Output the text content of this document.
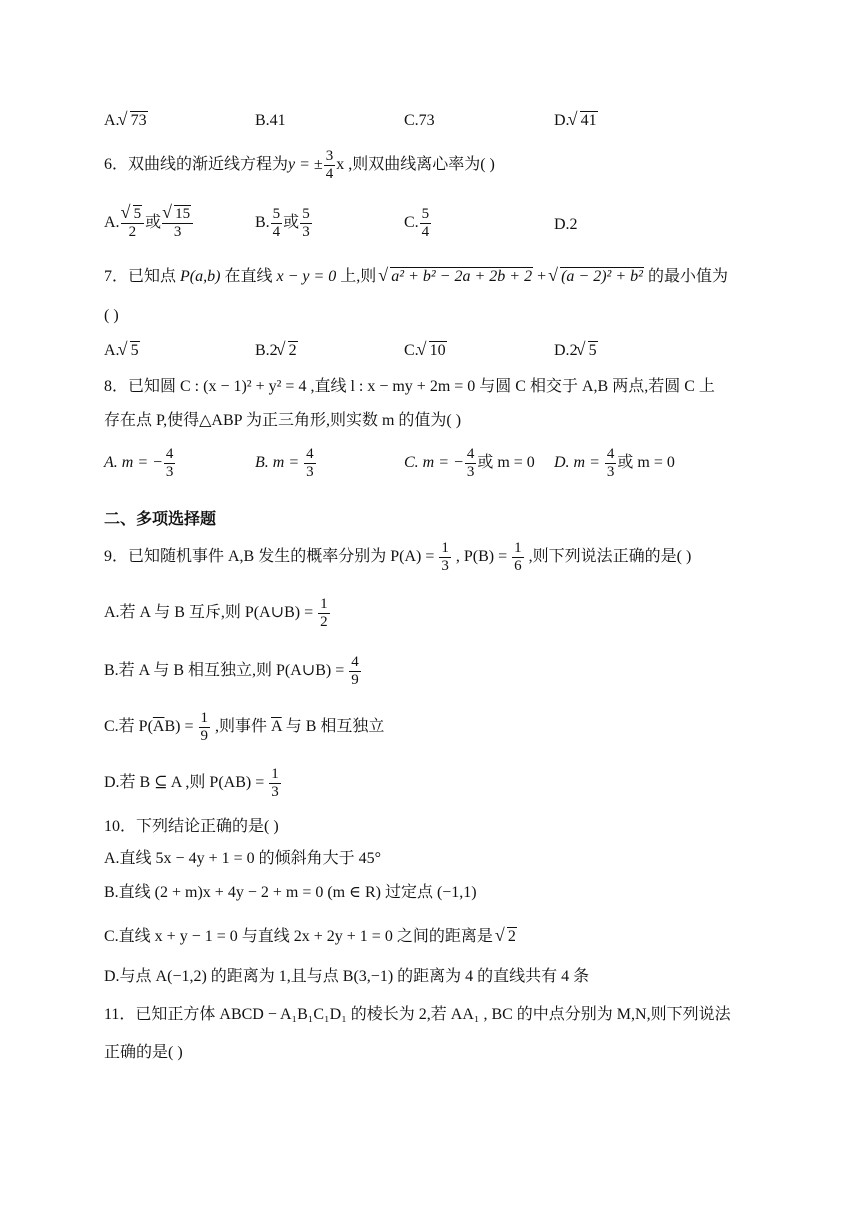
A. √ 73	B.41	C.73	D. √ 41
6．双曲线的渐近线方程为y = ± $\frac{3}{4}$ x ,则双曲线离心率为( )
A. √ $\frac{5}{2}$ 或 √ $\frac{15}{3}$	B. $\frac{5}{4}$ 或 $\frac{5}{3}$	C. $\frac{5}{4}$	D.2
7．已知点 P(a,b) 在直线 x − y = 0 上,则 √ a² + b² − 2a + 2b + 2 + √ (a − 2)² + b² 的最小值为
( )
A. √ 5	B.2 √ 2	C. √ 10	D.2 √ 5
8．已知圆 C : (x − 1)² + y² = 4 ,直线 l : x − my + 2m = 0 与圆 C 相交于 A,B 两点,若圆 C 上
存在点 P,使得△ABP 为正三角形,则实数 m 的值为( )
A. m = − $\frac{4}{3}$	B. $m = \frac{4}{3}$	C. m = − $\frac{4}{3}$ 或 m = 0 D. $m = \frac{4}{3}$ 或 m = 0
二、多项选择题
9．已知随机事件 A,B 发生的概率分别为 $P(A) = \frac{1}{3}$ , $P(B) = \frac{1}{6}$ ,则下列说法正确的是( )
A.若 A 与 B 互斥,则 P(A∪B) = $\frac{1}{2}$
B.若 A 与 B 相互独立,则 P(A∪B) = $\frac{4}{9}$
C.若 $P(\overline{A}B) = \frac{1}{9}$ ,则事件 $\overline{A}$ 与 B 相互独立
D.若 B ⊆ A ,则 $P(AB) = \frac{1}{3}$
10．下列结论正确的是( )
A.直线 5x − 4y + 1 = 0 的倾斜角大于 45°
B.直线 (2 + m)x + 4y − 2 + m = 0 (m ∈ R) 过定点 (−1,1)
C.直线 x + y − 1 = 0 与直线 2x + 2y + 1 = 0 之间的距离是 √ 2
D.与点 A(−1,2) 的距离为 1,且与点 B(3,−1) 的距离为 4 的直线共有 4 条
11．已知正方体 ABCD − A₁B₁C₁D₁ 的棱长为 2,若 AA₁ , BC 的中点分别为 M,N,则下列说法
正确的是( )
